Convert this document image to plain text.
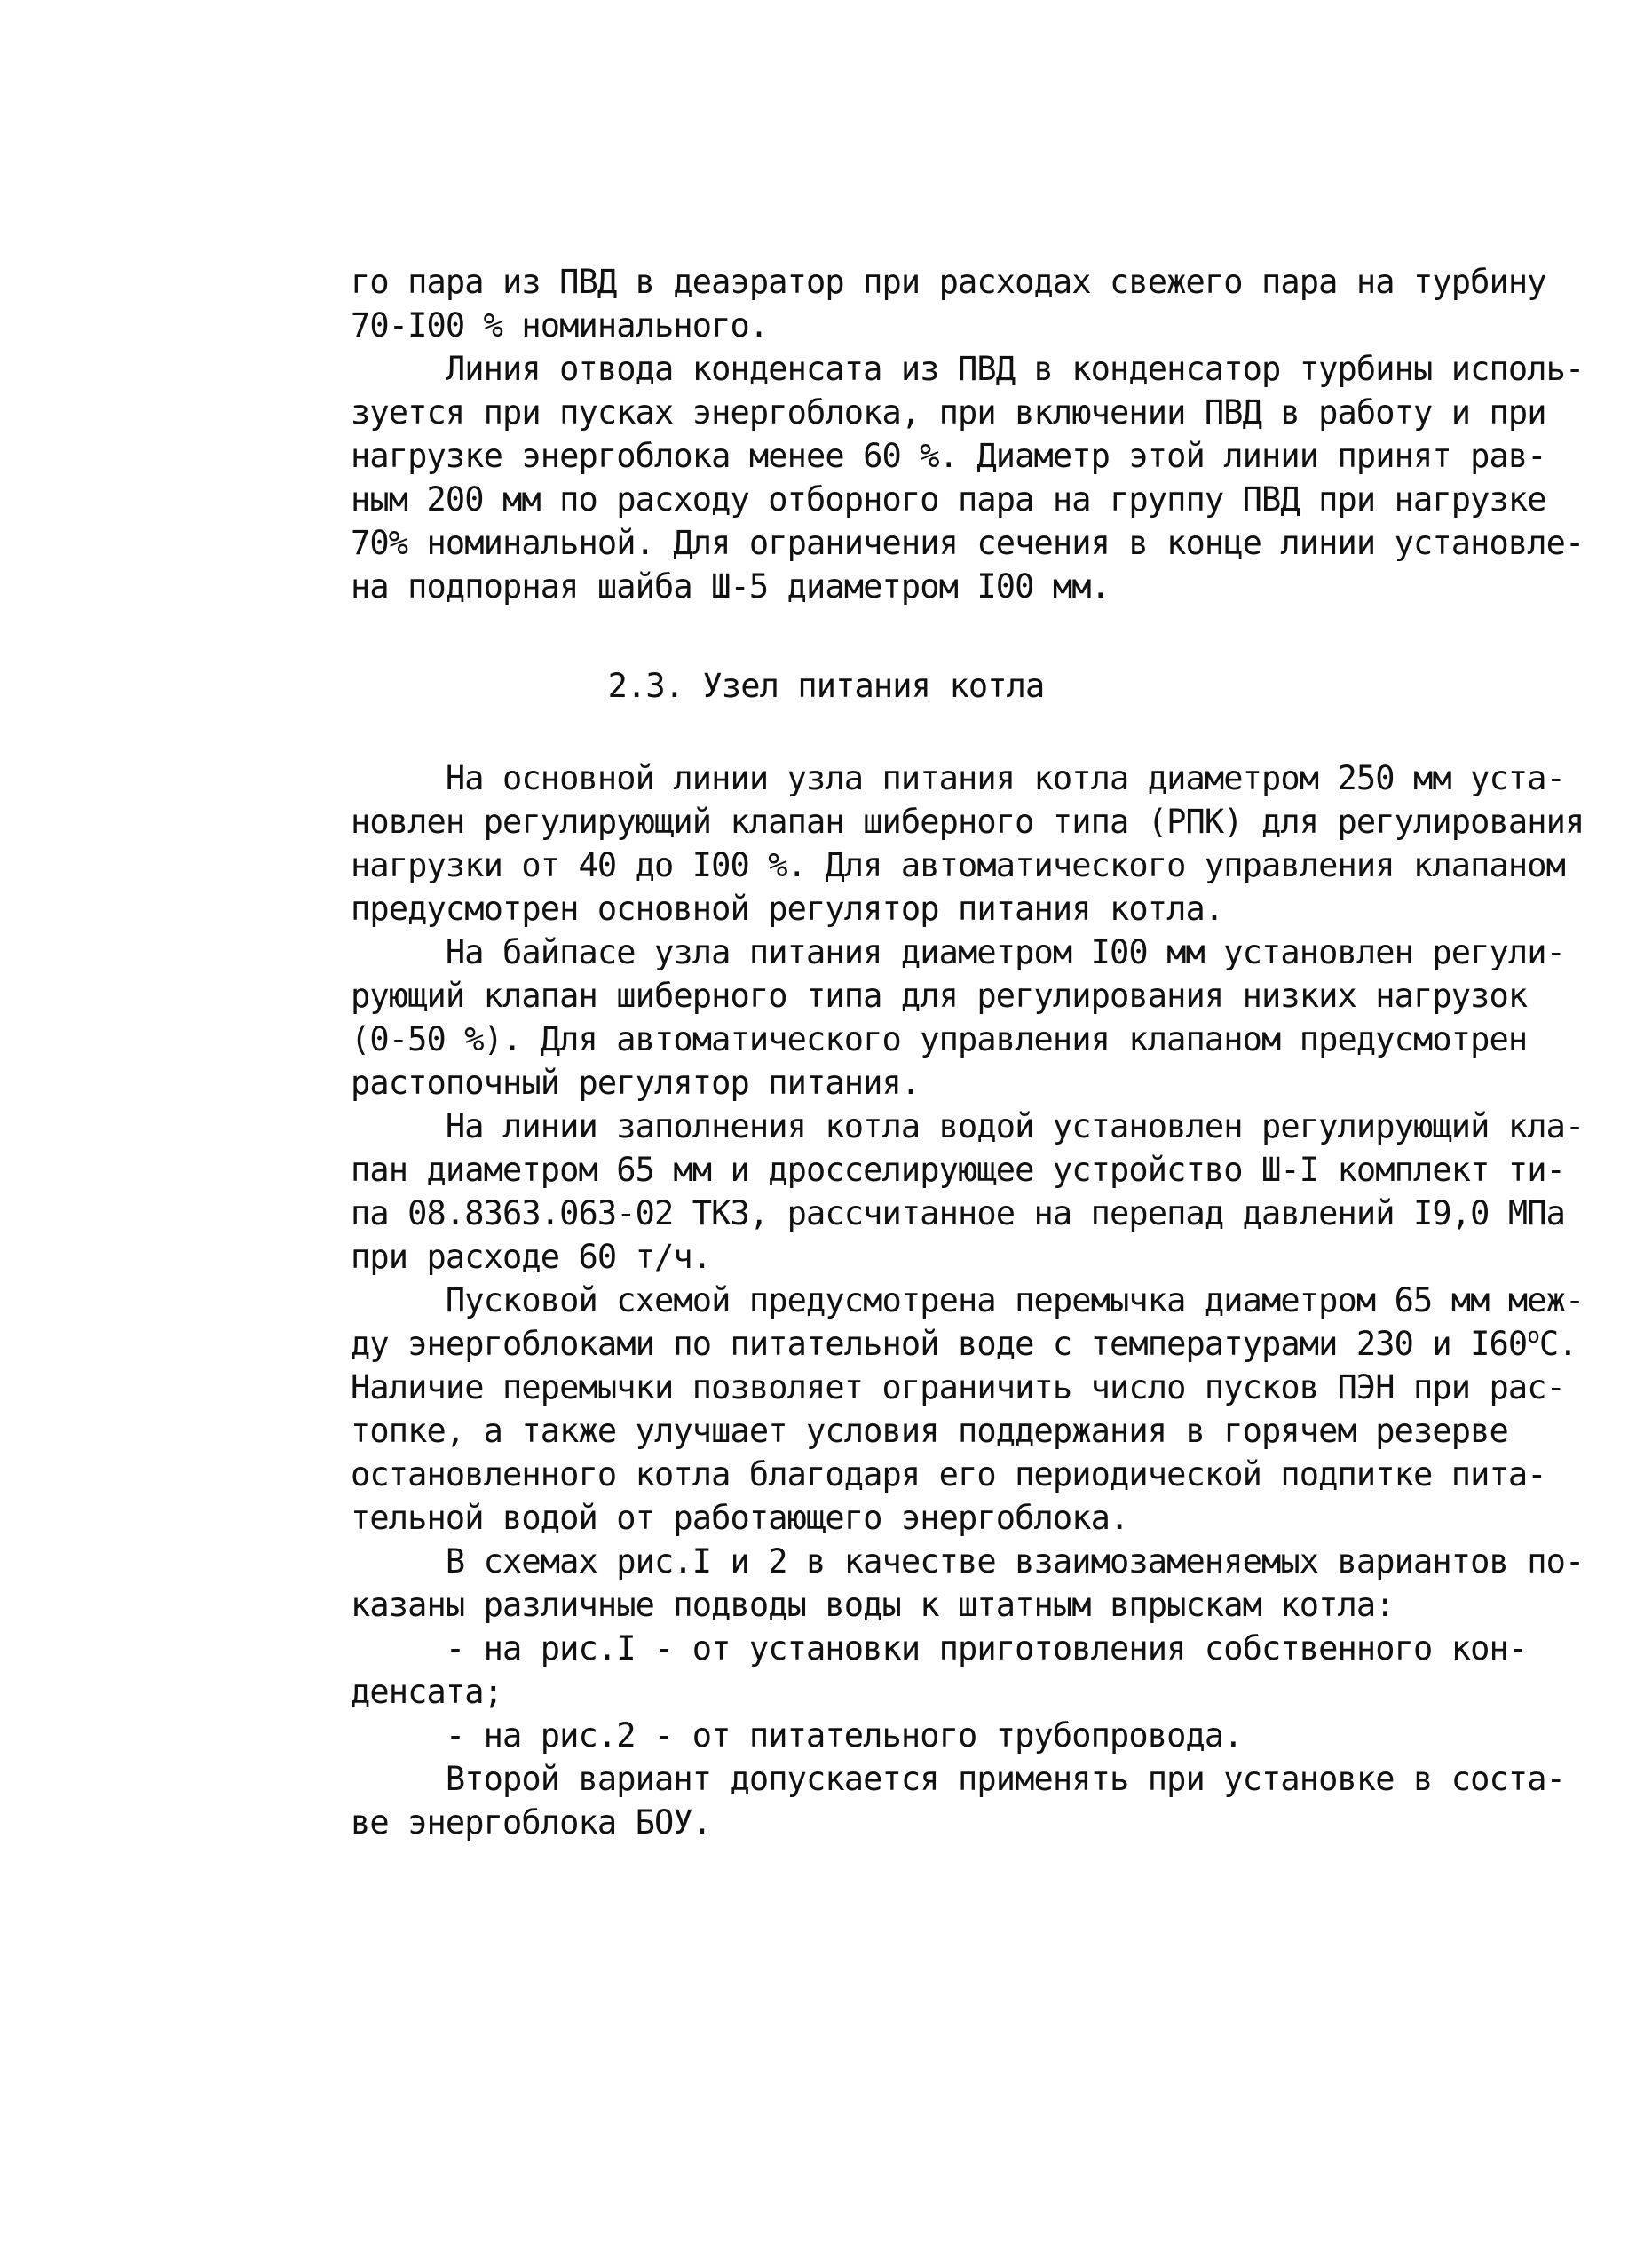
го пара из ПВД в деаэратор при расходах свежего пара на турбину
70-I00 % номинального.
Линия отвода конденсата из ПВД в конденсатор турбины исполь-
зуется при пусках энергоблока, при включении ПВД в работу и при
нагрузке энергоблока менее 60 %. Диаметр этой линии принят рав-
ным 200 мм по расходу отборного пара на группу ПВД при нагрузке
70% номинальной. Для ограничения сечения в конце линии установле-
на подпорная шайба Ш-5 диаметром I00 мм.
2.3. Узел питания котла
На основной линии узла питания котла диаметром 250 мм уста-
новлен регулирующий клапан шиберного типа (РПК) для регулирования
нагрузки от 40 до I00 %. Для автоматического управления клапаном
предусмотрен основной регулятор питания котла.
На байпасе узла питания диаметром I00 мм установлен регули-
рующий клапан шиберного типа для регулирования низких нагрузок
(0-50 %). Для автоматического управления клапаном предусмотрен
растопочный регулятор питания.
На линии заполнения котла водой установлен регулирующий кла-
пан диаметром 65 мм и дросселирующее устройство Ш-I комплект ти-
па 08.8363.063-02 ТКЗ, рассчитанное на перепад давлений I9,0 МПа
при расходе 60 т/ч.
Пусковой схемой предусмотрена перемычка диаметром 65 мм меж-
ду энергоблоками по питательной воде с температурами 230 и $I60^оС$.
Наличие перемычки позволяет ограничить число пусков ПЭН при рас-
топке, а также улучшает условия поддержания в горячем резерве
остановленного котла благодаря его периодической подпитке пита-
тельной водой от работающего энергоблока.
В схемах рис.I и 2 в качестве взаимозаменяемых вариантов по-
казаны различные подводы воды к штатным впрыскам котла:
- на рис.I - от установки приготовления собственного кон-
денсата;
- на рис.2 - от питательного трубопровода.
Второй вариант допускается применять при установке в соста-
ве энергоблока БОУ.
